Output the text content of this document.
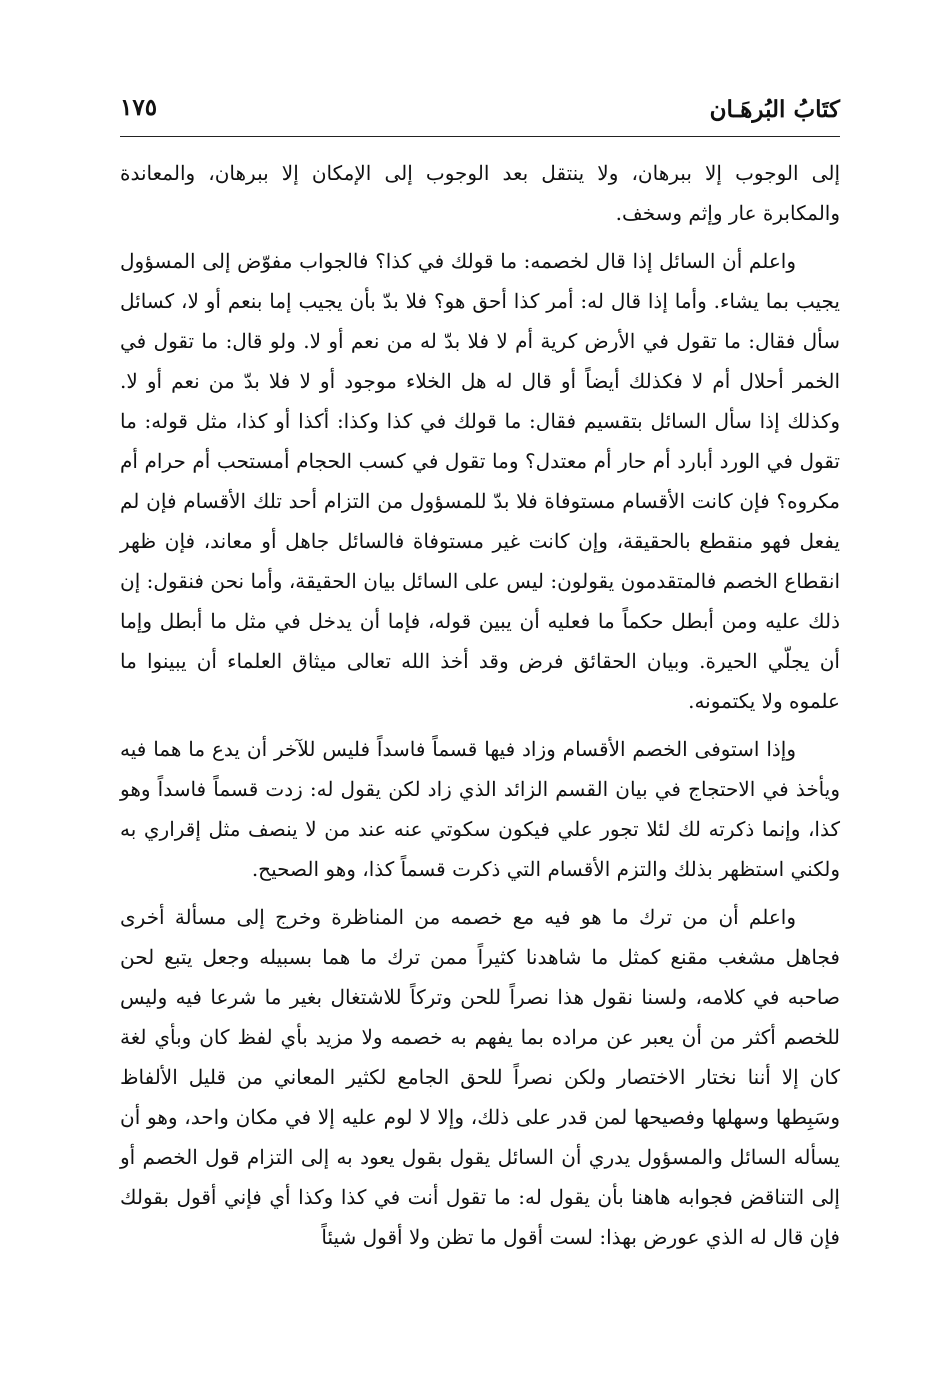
كتَابُ البُرهَـان
١٧٥

إلى الوجوب إلا ببرهان، ولا ينتقل بعد الوجوب إلى الإمكان إلا ببرهان، والمعاندة والمكابرة عار وإثم وسخف.

واعلم أن السائل إذا قال لخصمه: ما قولك في كذا؟ فالجواب مفوّض إلى المسؤول يجيب بما يشاء. وأما إذا قال له: أمر كذا أحق هو؟ فلا بدّ بأن يجيب إما بنعم أو لا، كسائل سأل فقال: ما تقول في الأرض كرية أم لا فلا بدّ له من نعم أو لا. ولو قال: ما تقول في الخمر أحلال أم لا فكذلك أيضاً أو قال له هل الخلاء موجود أو لا فلا بدّ من نعم أو لا. وكذلك إذا سأل السائل بتقسيم فقال: ما قولك في كذا وكذا: أكذا أو كذا، مثل قوله: ما تقول في الورد أبارد أم حار أم معتدل؟ وما تقول في كسب الحجام أمستحب أم حرام أم مكروه؟ فإن كانت الأقسام مستوفاة فلا بدّ للمسؤول من التزام أحد تلك الأقسام فإن لم يفعل فهو منقطع بالحقيقة، وإن كانت غير مستوفاة فالسائل جاهل أو معاند، فإن ظهر انقطاع الخصم فالمتقدمون يقولون: ليس على السائل بيان الحقيقة، وأما نحن فنقول: إن ذلك عليه ومن أبطل حكماً ما فعليه أن يبين قوله، فإما أن يدخل في مثل ما أبطل وإما أن يجلّي الحيرة. وبيان الحقائق فرض وقد أخذ الله تعالى ميثاق العلماء أن يبينوا ما علموه ولا يكتمونه.

وإذا استوفى الخصم الأقسام وزاد فيها قسماً فاسداً فليس للآخر أن يدع ما هما فيه ويأخذ في الاحتجاج في بيان القسم الزائد الذي زاد لكن يقول له: زدت قسماً فاسداً وهو كذا، وإنما ذكرته لك لئلا تجور علي فيكون سكوتي عنه عند من لا ينصف مثل إقراري به ولكني استظهر بذلك والتزم الأقسام التي ذكرت قسماً كذا، وهو الصحيح.

واعلم أن من ترك ما هو فيه مع خصمه من المناظرة وخرج إلى مسألة أخرى فجاهل مشغب مقنع كمثل ما شاهدنا كثيراً ممن ترك ما هما بسبيله وجعل يتبع لحن صاحبه في كلامه، ولسنا نقول هذا نصراً للحن وتركاً للاشتغال بغير ما شرعا فيه وليس للخصم أكثر من أن يعبر عن مراده بما يفهم به خصمه ولا مزيد بأي لفظ كان وبأي لغة كان إلا أننا نختار الاختصار ولكن نصراً للحق الجامع لكثير المعاني من قليل الألفاظ وسَبِطها وسهلها وفصيحها لمن قدر على ذلك، وإلا لا لوم عليه إلا في مكان واحد، وهو أن يسأله السائل والمسؤول يدري أن السائل يقول بقول يعود به إلى التزام قول الخصم أو إلى التناقض فجوابه هاهنا بأن يقول له: ما تقول أنت في كذا وكذا أي فإني أقول بقولك فإن قال له الذي عورض بهذا: لست أقول ما تظن ولا أقول شيئاً
